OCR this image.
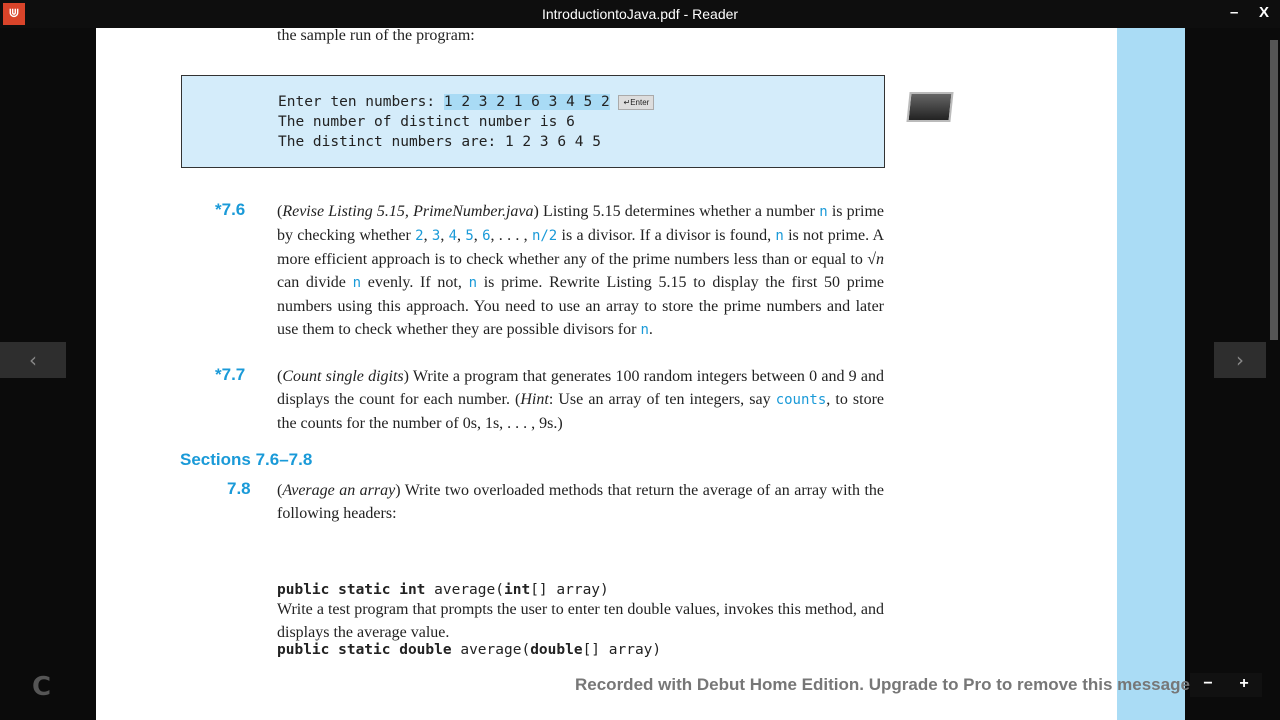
⋓	IntroductiontoJava.pdf - Reader	– X
the sample run of the program:
‹	›
Enter ten numbers: 1 2 3 2 1 6 3 4 5 2 ↵Enter
The number of distinct number is 6
The distinct numbers are: 1 2 3 6 4 5
*7.6 (Revise Listing 5.15, PrimeNumber.java) Listing 5.15 determines whether a number n is prime by checking whether 2, 3, 4, 5, 6, . . . , n/2 is a divisor. If a divisor is found, n is not prime. A more efficient approach is to check whether any of the prime numbers less than or equal to √n can divide n evenly. If not, n is prime. Rewrite Listing 5.15 to display the first 50 prime numbers using this approach. You need to use an array to store the prime numbers and later use them to check whether they are possible divisors for n.
*7.7 (Count single digits) Write a program that generates 100 random integers between 0 and 9 and displays the count for each number. (Hint: Use an array of ten integers, say counts, to store the counts for the number of 0s, 1s, . . . , 9s.)
Sections 7.6–7.8
7.8 (Average an array) Write two overloaded methods that return the average of an array with the following headers:

public static int average(int[] array)

public static double average(double[] array)

Write a test program that prompts the user to enter ten double values, invokes this method, and displays the average value.
C	Recorded with Debut Home Edition. Upgrade to Pro to remove this message −	+
